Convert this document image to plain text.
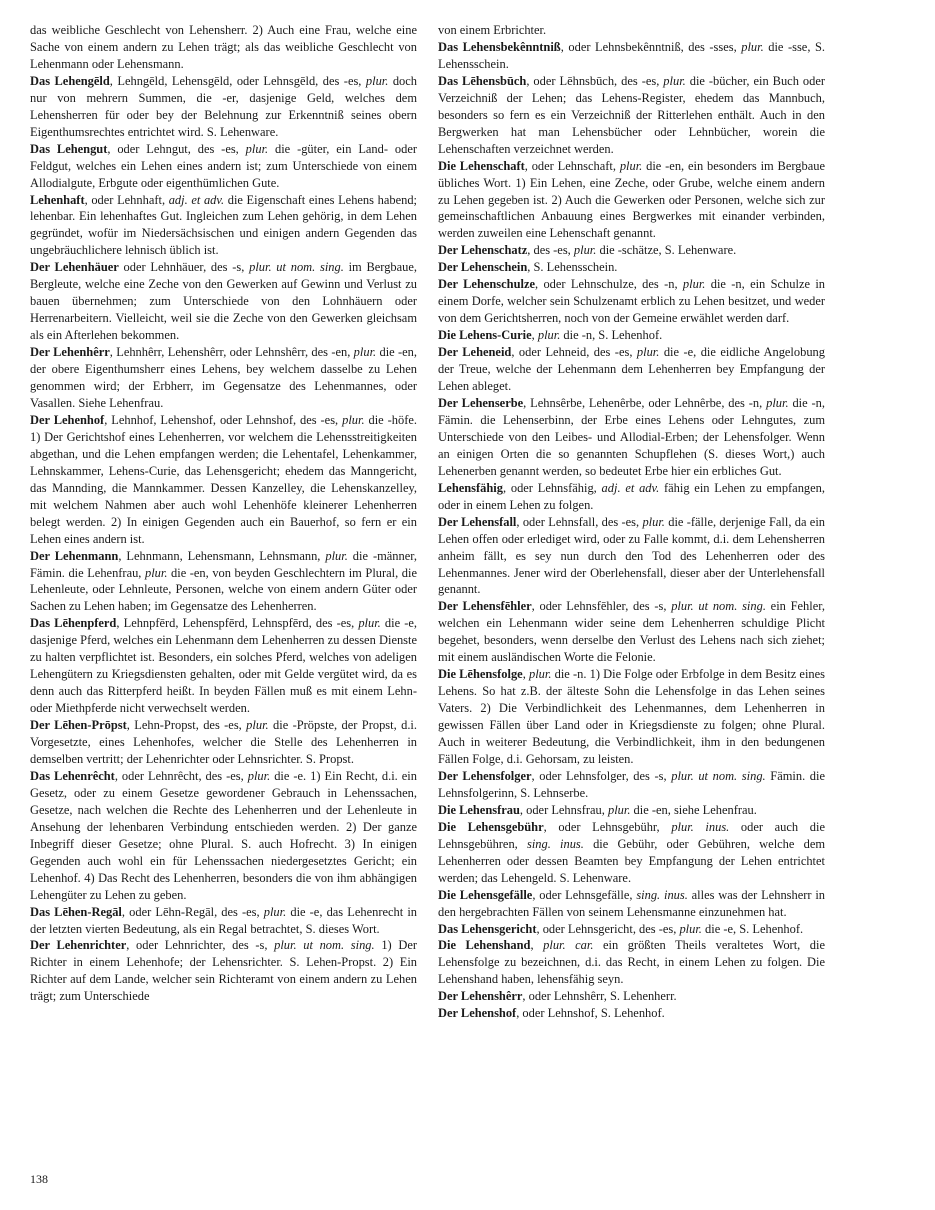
das weibliche Geschlecht von Lehensherr. 2) Auch eine Frau, welche eine Sache von einem andern zu Lehen trägt; als das weibliche Geschlecht von Lehenmann oder Lehensmann.

Das Lehengēld, Lehngēld, Lehensgēld, oder Lehnsgēld, des -es, plur. doch nur von mehrern Summen, die -er, dasjenige Geld, welches dem Lehensherren für oder bey der Belehnung zur Erkenntniß seines obern Eigenthumsrechtes entrichtet wird. S. Lehenware.

Das Lehengut, oder Lehngut, des -es, plur. die -güter, ein Land- oder Feldgut, welches ein Lehen eines andern ist; zum Unterschiede von einem Allodialgute, Erbgute oder eigenthümlichen Gute.

Lehenhaft, oder Lehnhaft, adj. et adv. die Eigenschaft eines Lehens habend; lehenbar. Ein lehenhaftes Gut. Ingleichen zum Lehen gehörig, in dem Lehen gegründet, wofür im Niedersächsischen und einigen andern Gegenden das ungebräuchlichere lehnisch üblich ist.

Der Lehenhäuer oder Lehnhäuer, des -s, plur. ut nom. sing. im Bergbaue, Bergleute, welche eine Zeche von den Gewerken auf Gewinn und Verlust zu bauen übernehmen; zum Unterschiede von den Lohnhäuern oder Herrenarbeitern. Vielleicht, weil sie die Zeche von den Gewerken gleichsam als ein Afterlehen bekommen.

Der Lehenhêrr, Lehnhêrr, Lehenshêrr, oder Lehnshêrr, des -en, plur. die -en, der obere Eigenthumsherr eines Lehens, bey welchem dasselbe zu Lehen genommen wird; der Erbherr, im Gegensatze des Lehenmannes, oder Vasallen. Siehe Lehenfrau.

Der Lehenhof, Lehnhof, Lehenshof, oder Lehnshof, des -es, plur. die -höfe. 1) Der Gerichtshof eines Lehenherren, vor welchem die Lehensstreitigkeiten abgethan, und die Lehen empfangen werden; die Lehentafel, Lehenkammer, Lehnskammer, Lehens-Curie, das Lehensgericht; ehedem das Manngericht, das Mannding, die Mannkammer. Dessen Kanzelley, die Lehenskanzelley, mit welchem Nahmen aber auch wohl Lehenhöfe kleinerer Lehenherren belegt werden. 2) In einigen Gegenden auch ein Bauerhof, so fern er ein Lehen eines andern ist.

Der Lehenmann, Lehnmann, Lehensmann, Lehnsmann, plur. die -männer, Fämin. die Lehenfrau, plur. die -en, von beyden Geschlechtern im Plural, die Lehenleute, oder Lehnleute, Personen, welche von einem andern Güter oder Sachen zu Lehen haben; im Gegensatze des Lehenherren.

Das Lēhenpferd, Lehnpfērd, Lehenspfērd, Lehnspfērd, des -es, plur. die -e, dasjenige Pferd, welches ein Lehenmann dem Lehenherren zu dessen Dienste zu halten verpflichtet ist. Besonders, ein solches Pferd, welches von adeligen Lehengütern zu Kriegsdiensten gehalten, oder mit Gelde vergütet wird, da es denn auch das Ritterpferd heißt. In beyden Fällen muß es mit einem Lehn- oder Miethpferde nicht verwechselt werden.

Der Lēhen-Prōpst, Lehn-Propst, des -es, plur. die -Pröpste, der Propst, d.i. Vorgesetzte, eines Lehenhofes, welcher die Stelle des Lehenherren in demselben vertritt; der Lehenrichter oder Lehnsrichter. S. Propst.

Das Lehenrêcht, oder Lehnrêcht, des -es, plur. die -e. 1) Ein Recht, d.i. ein Gesetz, oder zu einem Gesetze gewordener Gebrauch in Lehenssachen, Gesetze, nach welchen die Rechte des Lehenherren und der Lehenleute in Ansehung der lehenbaren Verbindung entschieden werden. 2) Der ganze Inbegriff dieser Gesetze; ohne Plural. S. auch Hofrecht. 3) In einigen Gegenden auch wohl ein für Lehenssachen niedergesetztes Gericht; ein Lehenhof. 4) Das Recht des Lehenherren, besonders die von ihm abhängigen Lehengüter zu Lehen zu geben.

Das Lēhen-Regāl, oder Lēhn-Regāl, des -es, plur. die -e, das Lehenrecht in der letzten vierten Bedeutung, als ein Regal betrachtet, S. dieses Wort.

Der Lehenrichter, oder Lehnrichter, des -s, plur. ut nom. sing. 1) Der Richter in einem Lehenhofe; der Lehensrichter. S. Lehen-Propst. 2) Ein Richter auf dem Lande, welcher sein Richteramt von einem andern zu Lehen trägt; zum Unterschiede

von einem Erbrichter.

Das Lehensbekênntniß, oder Lehnsbekênntniß, des -sses, plur. die -sse, S. Lehensschein.

Das Lēhensbūch, oder Lēhnsbūch, des -es, plur. die -bücher, ein Buch oder Verzeichniß der Lehen; das Lehens-Register, ehedem das Mannbuch, besonders so fern es ein Verzeichniß der Ritterlehen enthält. Auch in den Bergwerken hat man Lehensbücher oder Lehnbücher, worein die Lehenschaften verzeichnet werden.

Die Lehenschaft, oder Lehnschaft, plur. die -en, ein besonders im Bergbaue übliches Wort. 1) Ein Lehen, eine Zeche, oder Grube, welche einem andern zu Lehen gegeben ist. 2) Auch die Gewerken oder Personen, welche sich zur gemeinschaftlichen Anbauung eines Bergwerkes mit einander verbinden, werden zuweilen eine Lehenschaft genannt.

Der Lehenschatz, des -es, plur. die -schätze, S. Lehenware.

Der Lehenschein, S. Lehensschein.

Der Lehenschulze, oder Lehnschulze, des -n, plur. die -n, ein Schulze in einem Dorfe, welcher sein Schulzenamt erblich zu Lehen besitzet, und weder von dem Gerichtsherren, noch von der Gemeine erwählet werden darf.

Die Lehens-Curie, plur. die -n, S. Lehenhof.

Der Leheneid, oder Lehneid, des -es, plur. die -e, die eidliche Angelobung der Treue, welche der Lehenmann dem Lehenherren bey Empfangung der Lehen ableget.

Der Lehenserbe, Lehnsêrbe, Lehenêrbe, oder Lehnêrbe, des -n, plur. die -n, Fämin. die Lehenserbinn, der Erbe eines Lehens oder Lehngutes, zum Unterschiede von den Leibes- und Allodial-Erben; der Lehensfolger. Wenn an einigen Orten die so genannten Schupflehen (S. dieses Wort,) auch Lehenerben genannt werden, so bedeutet Erbe hier ein erbliches Gut.

Lehensfähig, oder Lehnsfähig, adj. et adv. fähig ein Lehen zu empfangen, oder in einem Lehen zu folgen.

Der Lehensfall, oder Lehnsfall, des -es, plur. die -fälle, derjenige Fall, da ein Lehen offen oder erlediget wird, oder zu Falle kommt, d.i. dem Lehensherren anheim fällt, es sey nun durch den Tod des Lehenherren oder des Lehenmannes. Jener wird der Oberlehensfall, dieser aber der Unterlehensfall genannt.

Der Lehensfēhler, oder Lehnsfēhler, des -s, plur. ut nom. sing. ein Fehler, welchen ein Lehenmann wider seine dem Lehenherren schuldige Plicht begehet, besonders, wenn derselbe den Verlust des Lehens nach sich ziehet; mit einem ausländischen Worte die Felonie.

Die Lēhensfolge, plur. die -n. 1) Die Folge oder Erbfolge in dem Besitz eines Lehens. So hat z.B. der älteste Sohn die Lehensfolge in das Lehen seines Vaters. 2) Die Verbindlichkeit des Lehenmannes, dem Lehenherren in gewissen Fällen über Land oder in Kriegsdienste zu folgen; ohne Plural. Auch in weiterer Bedeutung, die Verbindlichkeit, ihm in den bedungenen Fällen Folge, d.i. Gehorsam, zu leisten.

Der Lehensfolger, oder Lehnsfolger, des -s, plur. ut nom. sing. Fämin. die Lehnsfolgerinn, S. Lehnserbe.

Die Lehensfrau, oder Lehnsfrau, plur. die -en, siehe Lehenfrau.

Die Lehensgebühr, oder Lehnsgebühr, plur. inus. oder auch die Lehnsgebühren, sing. inus. die Gebühr, oder Gebühren, welche dem Lehenherren oder dessen Beamten bey Empfangung der Lehen entrichtet werden; das Lehengeld. S. Lehenware.

Die Lehensgefälle, oder Lehnsgefälle, sing. inus. alles was der Lehnsherr in den hergebrachten Fällen von seinem Lehensmanne einzunehmen hat.

Das Lehensgericht, oder Lehnsgericht, des -es, plur. die -e, S. Lehenhof.

Die Lehenshand, plur. car. ein größten Theils veraltetes Wort, die Lehensfolge zu bezeichnen, d.i. das Recht, in einem Lehen zu folgen. Die Lehenshand haben, lehensfähig seyn.

Der Lehenshêrr, oder Lehnshêrr, S. Lehenherr.

Der Lehenshof, oder Lehnshof, S. Lehenhof.

138
